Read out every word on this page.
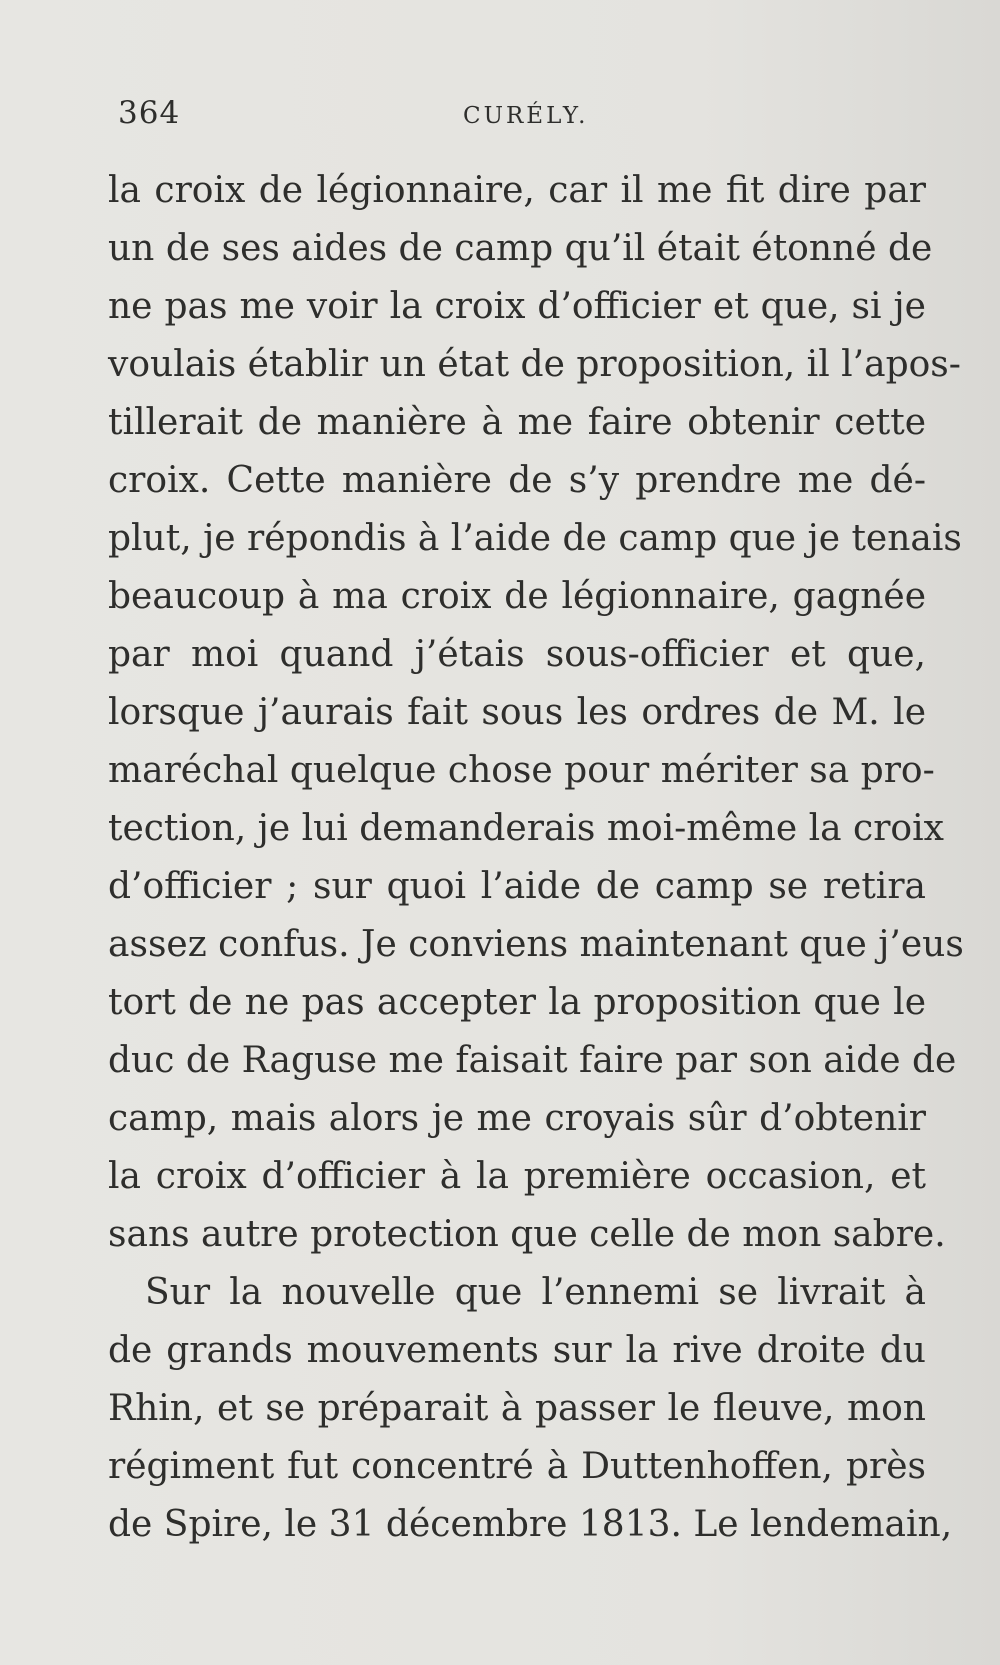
364	CURÉLY.
la croix de légionnaire, car il me fit dire par
un de ses aides de camp qu’il était étonné de
ne pas me voir la croix d’officier et que, si je
voulais établir un état de proposition, il l’apos-
tillerait de manière à me faire obtenir cette
croix. Cette manière de s’y prendre me dé-
plut, je répondis à l’aide de camp que je tenais
beaucoup à ma croix de légionnaire, gagnée
par moi quand j’étais sous-officier et que,
lorsque j’aurais fait sous les ordres de M. le
maréchal quelque chose pour mériter sa pro-
tection, je lui demanderais moi-même la croix
d’officier ; sur quoi l’aide de camp se retira
assez confus. Je conviens maintenant que j’eus
tort de ne pas accepter la proposition que le
duc de Raguse me faisait faire par son aide de
camp, mais alors je me croyais sûr d’obtenir
la croix d’officier à la première occasion, et
sans autre protection que celle de mon sabre.
Sur la nouvelle que l’ennemi se livrait à
de grands mouvements sur la rive droite du
Rhin, et se préparait à passer le fleuve, mon
régiment fut concentré à Duttenhoffen, près
de Spire, le 31 décembre 1813. Le lendemain,
